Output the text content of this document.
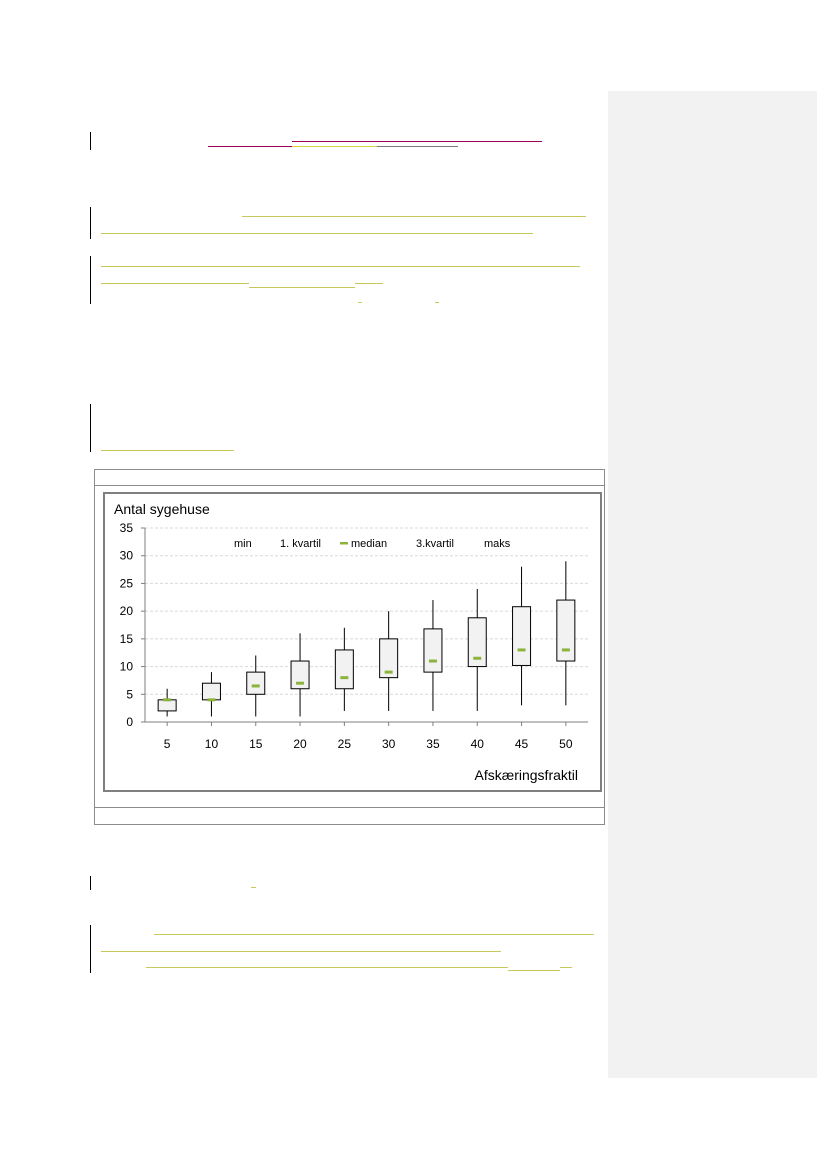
0
5
10
15
20
25
30
35
5	10	15	20	25	30	35	40	45	50
Antal sygehuse
Afskæringsfraktil
min	1. kvartil	median	3.kvartil	maks
